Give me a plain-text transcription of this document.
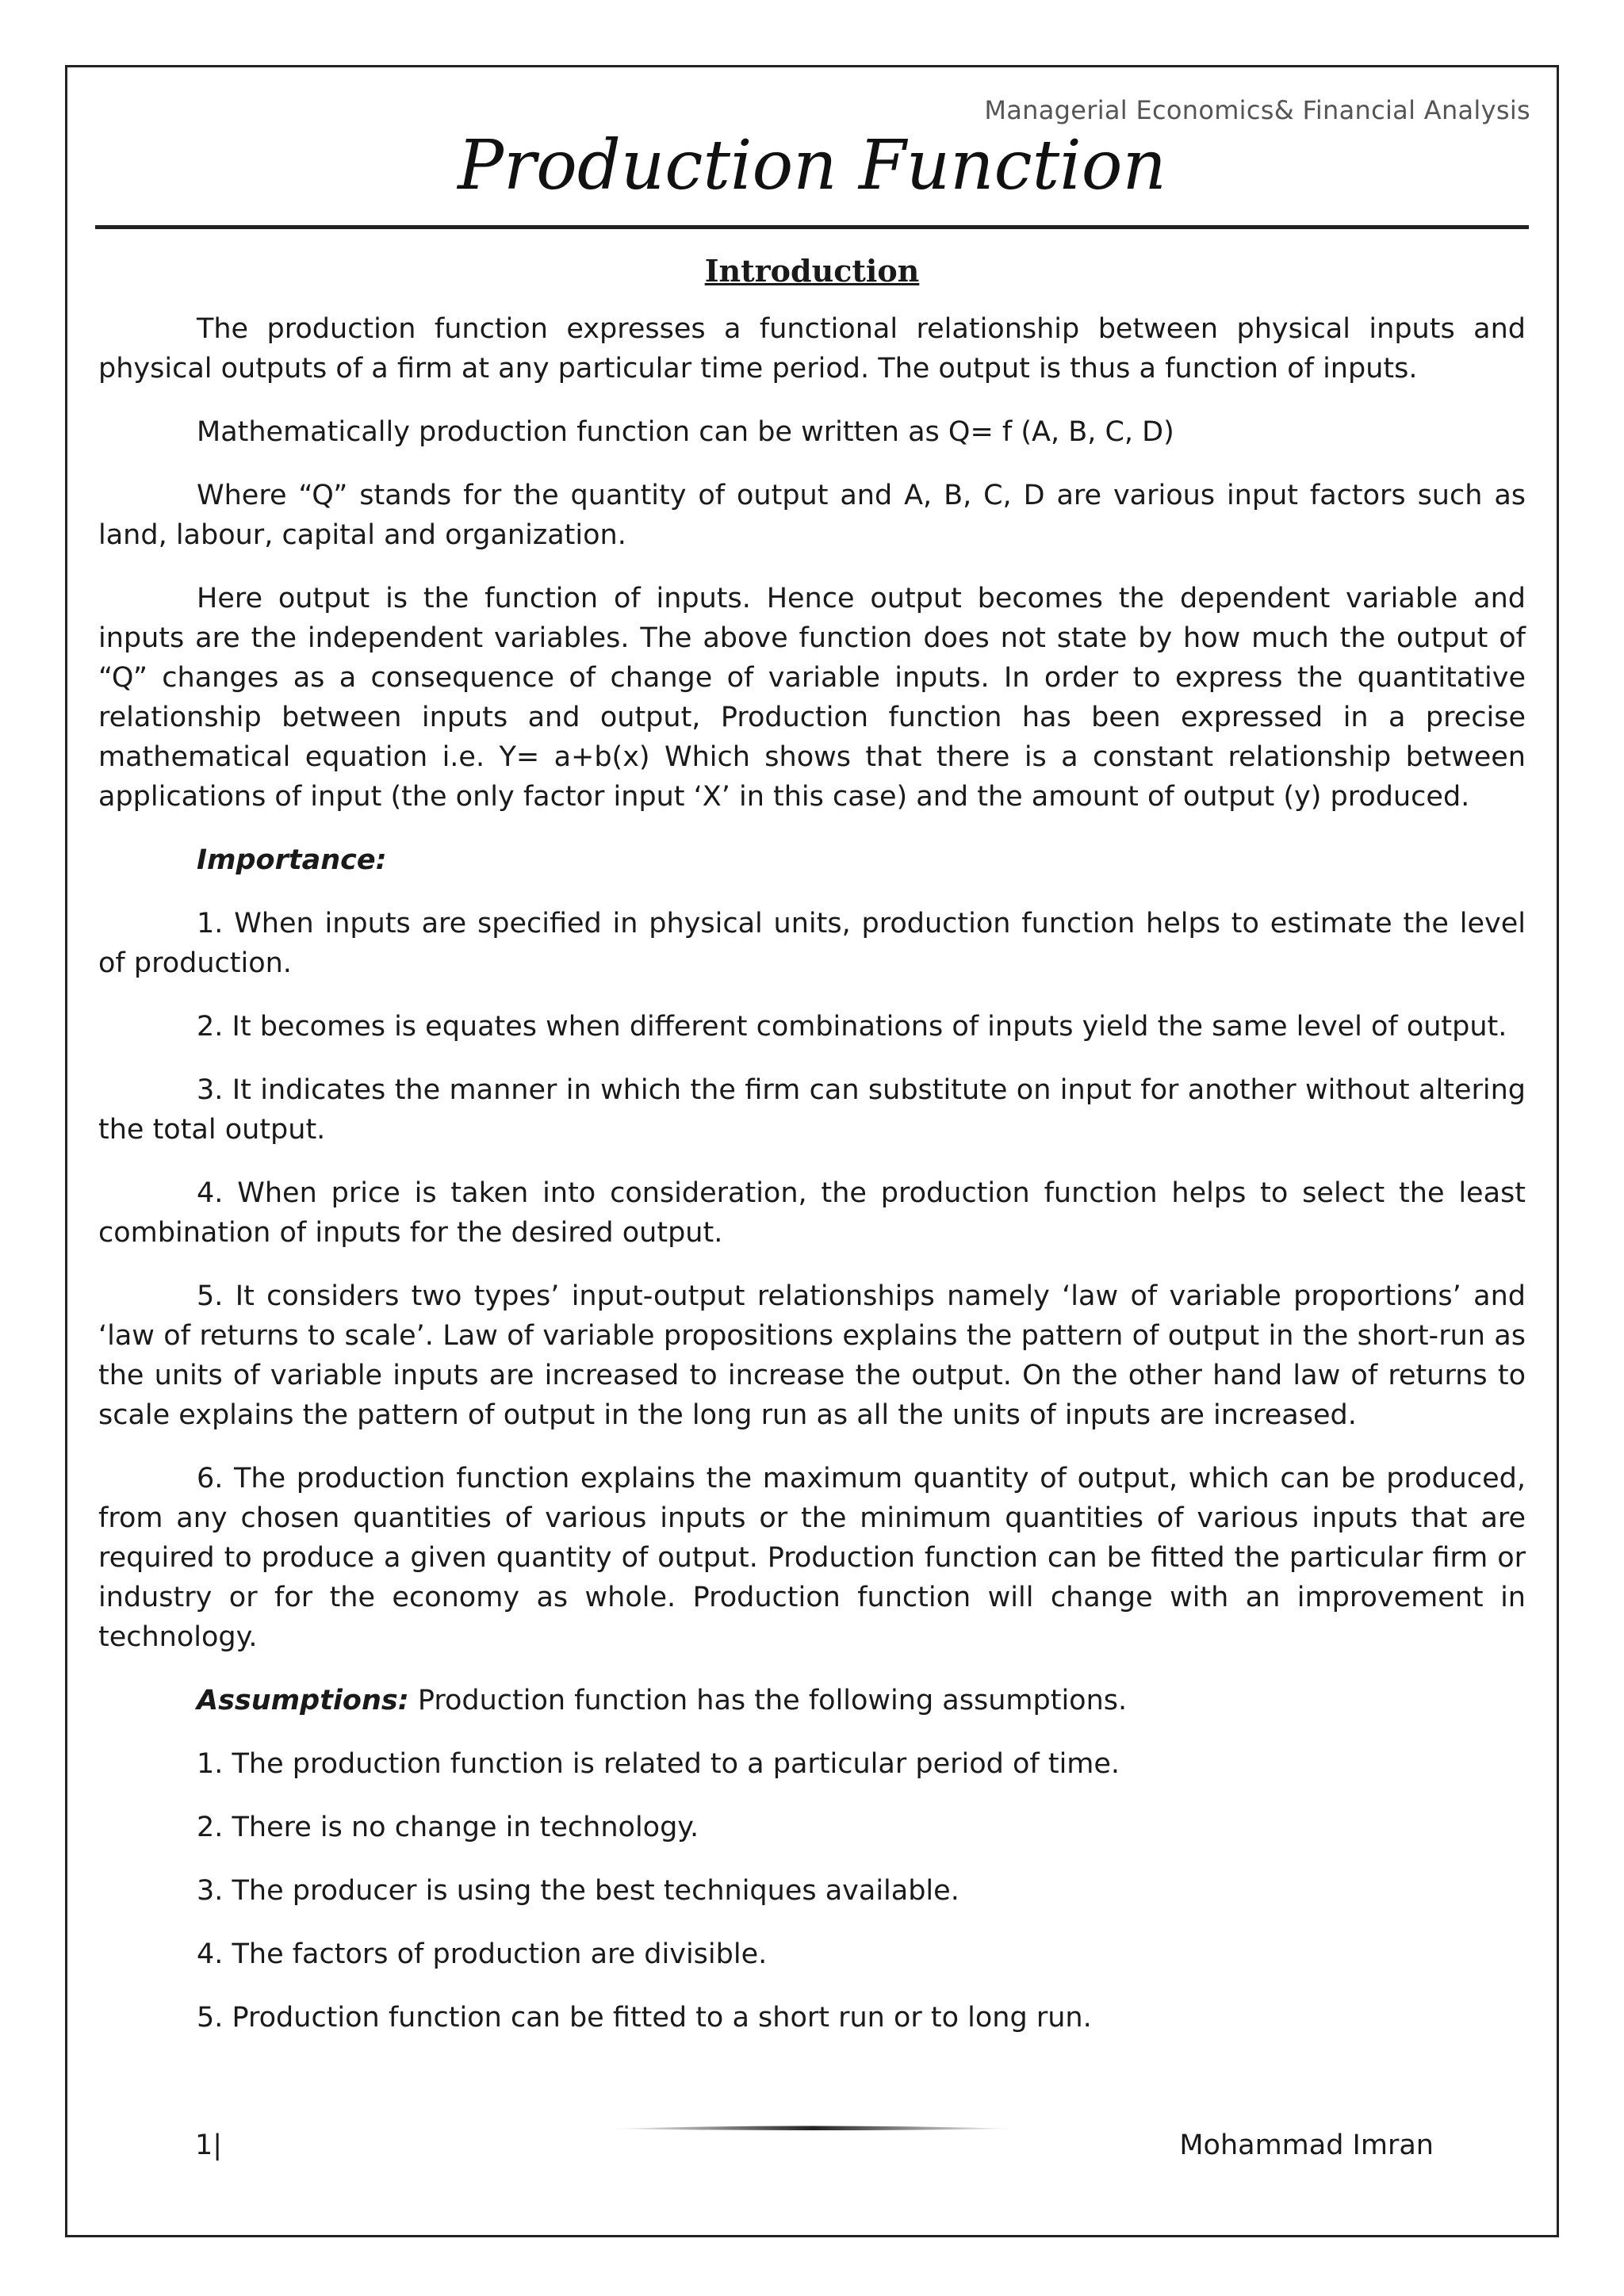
Managerial Economics& Financial Analysis
Production Function
Introduction

The production function expresses a functional relationship between physical inputs and physical outputs of a firm at any particular time period. The output is thus a function of inputs.

Mathematically production function can be written as Q= f (A, B, C, D)

Where “Q” stands for the quantity of output and A, B, C, D are various input factors such as land, labour, capital and organization.

Here output is the function of inputs. Hence output becomes the dependent variable and inputs are the independent variables. The above function does not state by how much the output of “Q” changes as a consequence of change of variable inputs. In order to express the quantitative relationship between inputs and output, Production function has been expressed in a precise mathematical equation i.e. Y= a+b(x) Which shows that there is a constant relationship between applications of input (the only factor input ‘X’ in this case) and the amount of output (y) produced.

Importance:

1. When inputs are specified in physical units, production function helps to estimate the level of production.

2. It becomes is equates when different combinations of inputs yield the same level of output.

3. It indicates the manner in which the firm can substitute on input for another without altering the total output.

4. When price is taken into consideration, the production function helps to select the least combination of inputs for the desired output.

5. It considers two types’ input-output relationships namely ‘law of variable proportions’ and ‘law of returns to scale’. Law of variable propositions explains the pattern of output in the short-run as the units of variable inputs are increased to increase the output. On the other hand law of returns to scale explains the pattern of output in the long run as all the units of inputs are increased.

6. The production function explains the maximum quantity of output, which can be produced, from any chosen quantities of various inputs or the minimum quantities of various inputs that are required to produce a given quantity of output. Production function can be fitted the particular firm or industry or for the economy as whole. Production function will change with an improvement in technology.

Assumptions: Production function has the following assumptions.

1. The production function is related to a particular period of time.

2. There is no change in technology.

3. The producer is using the best techniques available.

4. The factors of production are divisible.

5. Production function can be fitted to a short run or to long run.

1|	Mohammad Imran
